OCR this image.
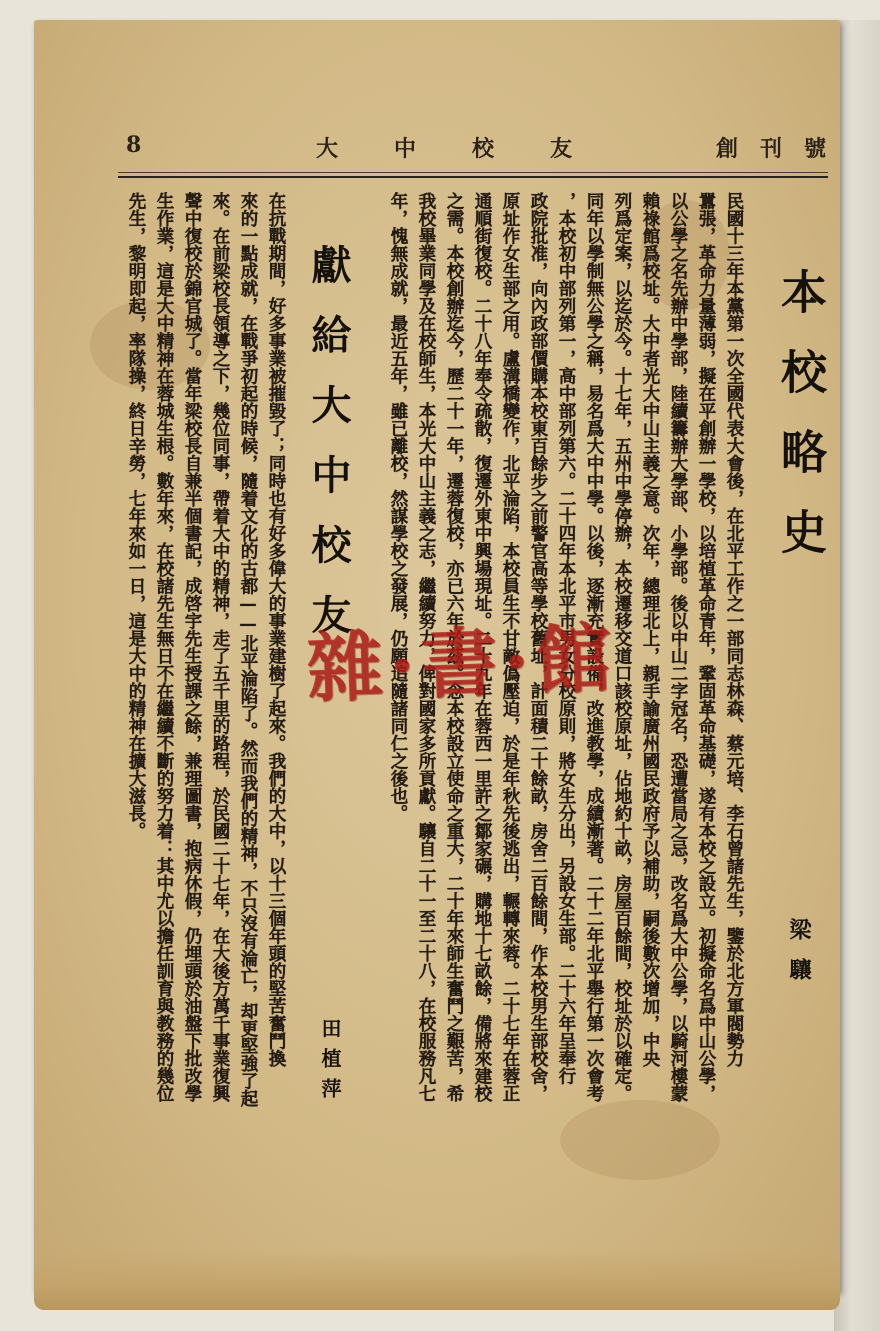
8	大中校友	創刊號
本校略史
梁驤
民國十三年本黨第一次全國代表大會後，在北平工作之一部同志林森、蔡元培、李石曾諸先生，鑒於北方軍閥勢力
囂張，革命力量薄弱，擬在平創辦一學校，以培植革命青年，鞏固革命基礎，遂有本校之設立。初擬命名爲中山公學，
以公學之名先辦中學部，陸續籌辦大學部、小學部。後以中山二字冠名，恐遭當局之忌，改名爲大中公學，以騎河樓蒙
賴祿館爲校址。大中者光大中山主義之意。次年，總理北上，親手諭廣州國民政府予以補助，嗣後數次增加，中央
列爲定案，以迄於今。十七年，五州中學停辦，本校遷移交道口該校原址，佔地約十畝，房屋百餘間，校址於以確定。
同年以學制無公學之稱，易名爲大中中學。以後，逐漸充實設備，改進教學，成績漸著。二十二年北平舉行第一次會考
，本校初中部列第一，高中部列第六。二十四年本北平市男女分校原則，將女生分出，另設女生部。二十六年呈奉行
政院批准，向內政部價購本校東百餘步之前警官高等學校舊址，計面積二十餘畝，房舍二百餘間，作本校男生部校舍，
原址作女生部之用。盧溝橋變作，北平淪陷，本校員生不甘敵僞壓迫，於是年秋先後逃出，輾轉來蓉。二十七年在蓉正
通順街復校。二十八年奉令疏散，復遷外東中興場現址。二十九年在蓉西一里許之鄒家碾，購地十七畝餘，備將來建校
之需。本校創辦迄今，歷二十一年，遷蓉復校，亦已六年於茲。念本校設立使命之重大，二十年來師生奮鬥之艱苦，希
我校畢業同學及在校師生，本光大中山主義之志，繼續努力，俾對國家多所貢獻。驤自二十一至二十八，在校服務凡七
年，愧無成就，最近五年，雖已離校，然謀學校之發展，仍願追隨諸同仁之後也。
獻給大中校友
田植萍
在抗戰期間，好多事業被摧毀了；同時也有好多偉大的事業建樹了起來。我們的大中，以十三個年頭的堅苦奮鬥換
來的一點成就，在戰爭初起的時候，隨着文化的古都——北平淪陷了。然而我們的精神，不只沒有淪亡，却更堅強了起
來。在前梁校長領導之下，幾位同事，帶着大中的精神，走了五千里的路程，於民國二十七年，在大後方萬千事業復興
聲中復校於錦官城了。當年梁校長自兼半個書記，成啓宇先生授課之餘，兼理圖書，抱病休假，仍埋頭於油盤下批改學
生作業，這是大中精神在蓉城生根。數年來，在校諸先生無日不在繼續不斷的努力着：其中尤以擔任訓育與教務的幾位
先生，黎明即起，率隊操，終日辛勞，七年來如一日，這是大中的精神在擴大滋長。	雜·書·館
